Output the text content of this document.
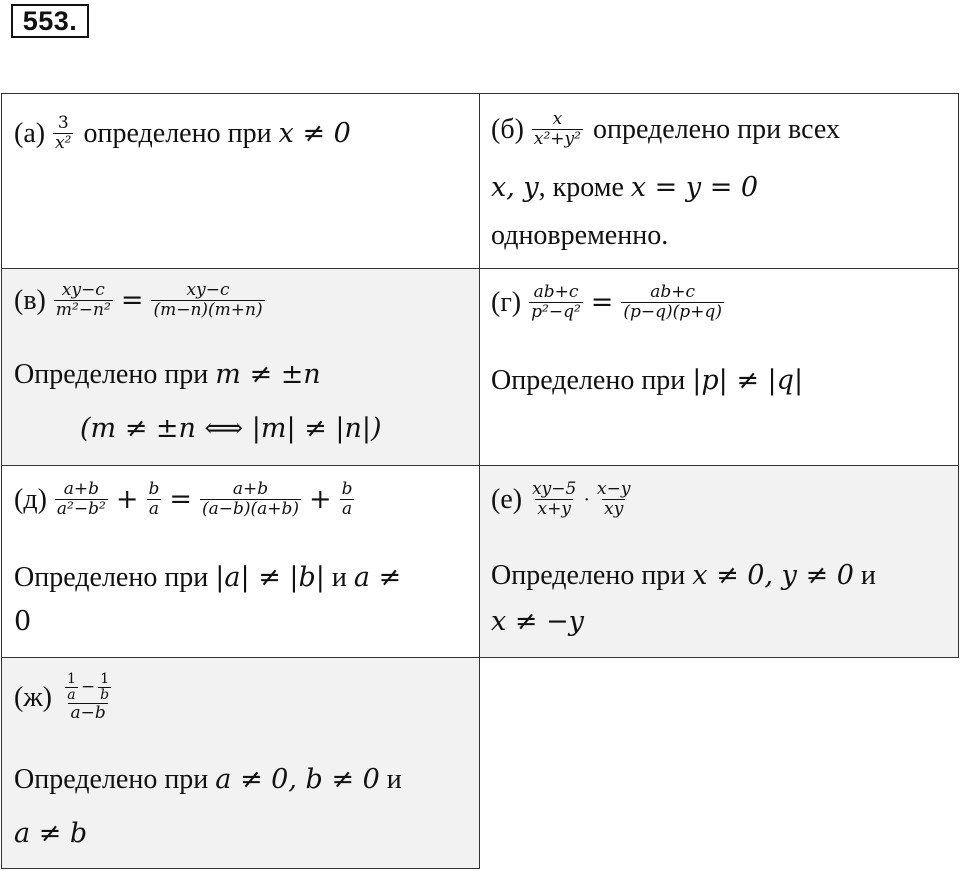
553.
$(а) \frac{3}{\text{x²}}$ определено при x ≠ 0	$(б) \frac{x}{\text{x²+y²}}$ определено при всех
x, y , кроме x = y = 0
одновременно.
$(в) \frac{xy-c}{\text{m²−n²}} = \frac{xy-c}{(m-n)(m+n)}$
Определено при m ≠ ±n
(m ≠ ±n ⟺ |m| ≠ |n|)
$(г) \frac{ab+c}{\text{p²−q²}} = \frac{ab+c}{(p-q)(p+q)}$
Определено при |p| ≠ |q|
$(д) \frac{a+b}{\text{a²−b²}} + \frac{b}{a} = \frac{a+b}{(a-b)(a+b)} + \frac{b}{a}$
Определено при |a| ≠ |b| и a ≠
0
$(е) \frac{xy-5}{x+y} \cdot \frac{x-y}{xy}$
Определено при x ≠ 0, y ≠ 0 и
x ≠ −y
$(ж) \frac{1}{a} - \frac{1}{b}$
a−b
Определено при a ≠ 0, b ≠ 0 и
a ≠ b
